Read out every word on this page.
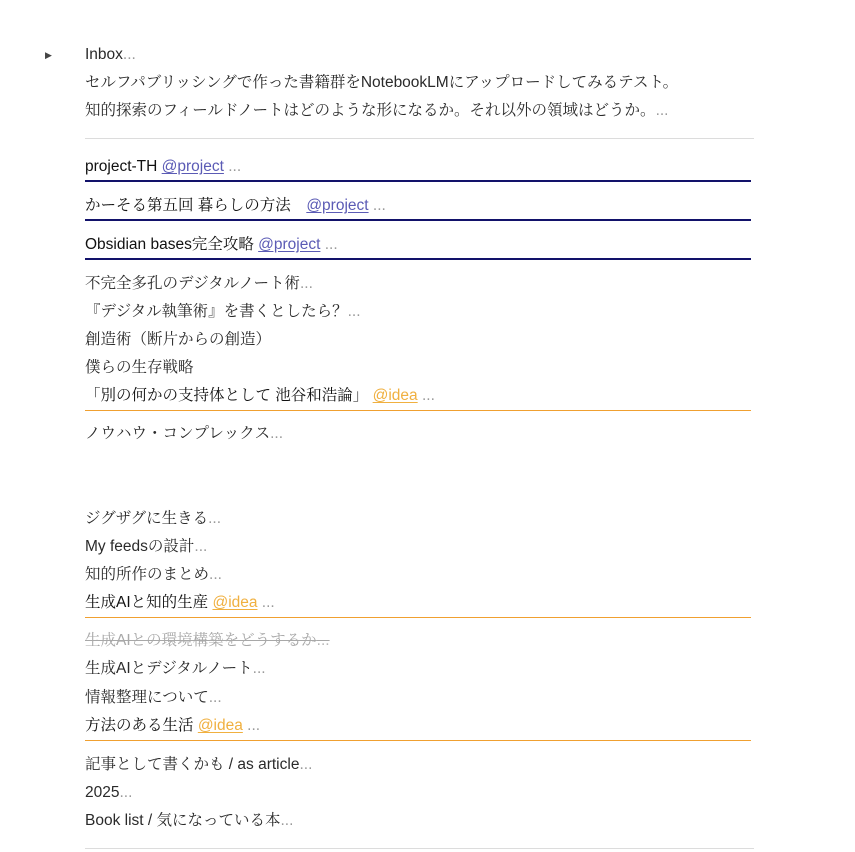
▶ Inbox...
セルフパブリッシングで作った書籍群をNotebookLMにアップロードしてみるテスト。
知的探索のフィールドノートはどのような形になるか。それ以外の領域はどうか。...
project-TH @project ...
かーそる第五回 暮らしの方法　@project ...
Obsidian bases完全攻略 @project ...
不完全多孔のデジタルノート術...
『デジタル執筆術』を書くとしたら？...
創造術（断片からの創造）
僕らの生存戦略
「別の何かの支持体として 池谷和浩論」 @idea ...
ノウハウ・コンプレックス...
ジグザグに生きる...
My feedsの設計...
知的所作のまとめ...
生成AIと知的生産 @idea ...
生成AIとの環境構築をどうするか...
生成AIとデジタルノート...
情報整理について...
方法のある生活 @idea ...
記事として書くかも / as article...
2025...
Book list / 気になっている本...
